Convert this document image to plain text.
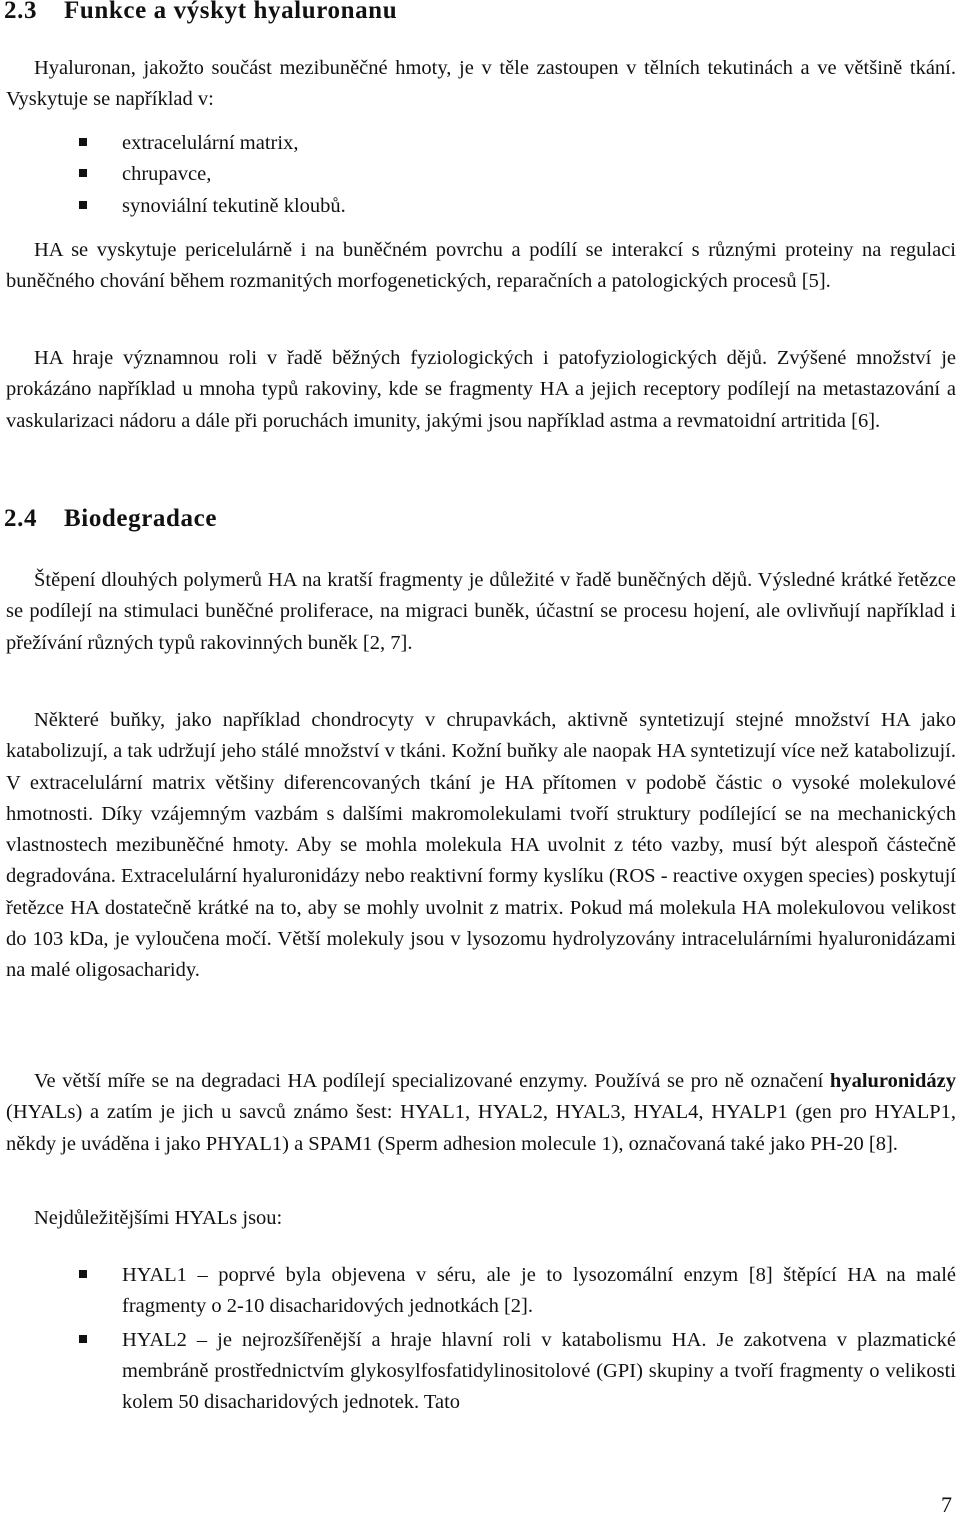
2.3 Funkce a výskyt hyaluronanu

Hyaluronan, jakožto součást mezibuněčné hmoty, je v těle zastoupen v tělních tekutinách a ve většině tkání. Vyskytuje se například v:

extracelulární matrix,
chrupavce,
synoviální tekutině kloubů.

HA se vyskytuje pericelulárně i na buněčném povrchu a podílí se interakcí s různými proteiny na regulaci buněčného chování během rozmanitých morfogenetických, reparačních a patologických procesů [5].

HA hraje významnou roli v řadě běžných fyziologických i patofyziologických dějů. Zvýšené množství je prokázáno například u mnoha typů rakoviny, kde se fragmenty HA a jejich receptory podílejí na metastazování a vaskularizaci nádoru a dále při poruchách imunity, jakými jsou například astma a revmatoidní artritida [6].

2.4 Biodegradace

Štěpení dlouhých polymerů HA na kratší fragmenty je důležité v řadě buněčných dějů. Výsledné krátké řetězce se podílejí na stimulaci buněčné proliferace, na migraci buněk, účastní se procesu hojení, ale ovlivňují například i přežívání různých typů rakovinných buněk [2, 7].

Některé buňky, jako například chondrocyty v chrupavkách, aktivně syntetizují stejné množství HA jako katabolizují, a tak udržují jeho stálé množství v tkáni. Kožní buňky ale naopak HA syntetizují více než katabolizují. V extracelulární matrix většiny diferencovaných tkání je HA přítomen v podobě částic o vysoké molekulové hmotnosti. Díky vzájemným vazbám s dalšími makromolekulami tvoří struktury podílející se na mechanických vlastnostech mezibuněčné hmoty. Aby se mohla molekula HA uvolnit z této vazby, musí být alespoň částečně degradována. Extracelulární hyaluronidázy nebo reaktivní formy kyslíku (ROS - reactive oxygen species) poskytují řetězce HA dostatečně krátké na to, aby se mohly uvolnit z matrix. Pokud má molekula HA molekulovou velikost do 103 kDa, je vyloučena močí. Větší molekuly jsou v lysozomu hydrolyzovány intracelulárními hyaluronidázami na malé oligosacharidy.

Ve větší míře se na degradaci HA podílejí specializované enzymy. Používá se pro ně označení hyaluronidázy (HYALs) a zatím je jich u savců známo šest: HYAL1, HYAL2, HYAL3, HYAL4, HYALP1 (gen pro HYALP1, někdy je uváděna i jako PHYAL1) a SPAM1 (Sperm adhesion molecule 1), označovaná také jako PH-20 [8].

Nejdůležitějšími HYALs jsou:

HYAL1 – poprvé byla objevena v séru, ale je to lysozomální enzym [8] štěpící HA na malé fragmenty o 2-10 disacharidových jednotkách [2].
HYAL2 – je nejrozšířenější a hraje hlavní roli v katabolismu HA. Je zakotvena v plazmatické membráně prostřednictvím glykosylfosfatidylinositolové (GPI) skupiny a tvoří fragmenty o velikosti kolem 50 disacharidových jednotek. Tato
7
